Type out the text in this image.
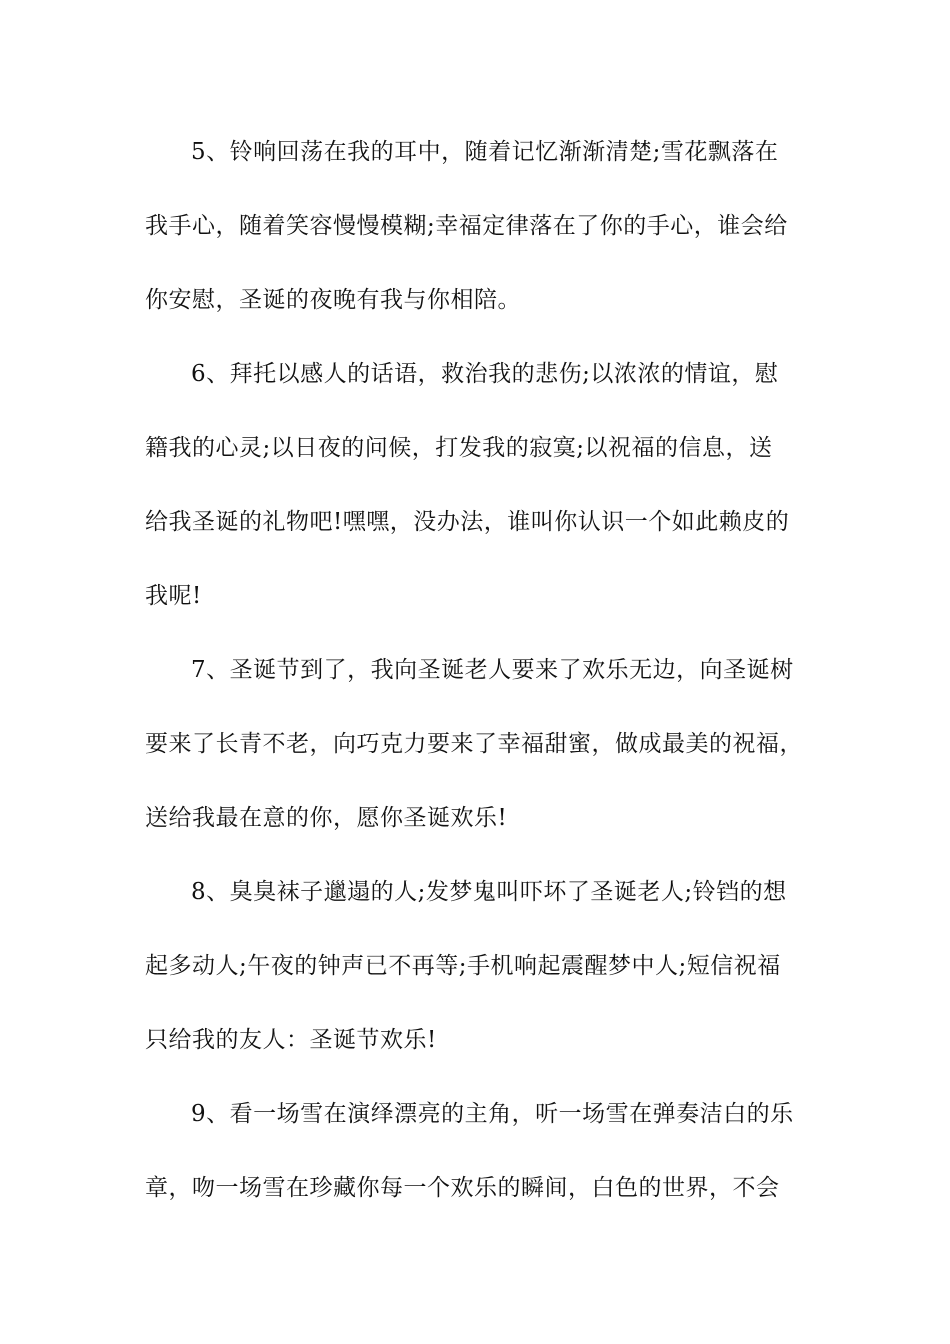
5、铃响回荡在我的耳中，随着记忆渐渐清楚;雪花飘落在
我手心，随着笑容慢慢模糊;幸福定律落在了你的手心，谁会给
你安慰，圣诞的夜晚有我与你相陪。
6、拜托以感人的话语，救治我的悲伤;以浓浓的情谊，慰
籍我的心灵;以日夜的问候，打发我的寂寞;以祝福的信息，送
给我圣诞的礼物吧!嘿嘿，没办法，谁叫你认识一个如此赖皮的
我呢!
7、圣诞节到了，我向圣诞老人要来了欢乐无边，向圣诞树
要来了长青不老，向巧克力要来了幸福甜蜜，做成最美的祝福，
送给我最在意的你，愿你圣诞欢乐!
8、臭臭袜子邋遢的人;发梦鬼叫吓坏了圣诞老人;铃铛的想
起多动人;午夜的钟声已不再等;手机响起震醒梦中人;短信祝福
只给我的友人：圣诞节欢乐!
9、看一场雪在演绎漂亮的主角，听一场雪在弹奏洁白的乐
章，吻一场雪在珍藏你每一个欢乐的瞬间，白色的世界，不会
